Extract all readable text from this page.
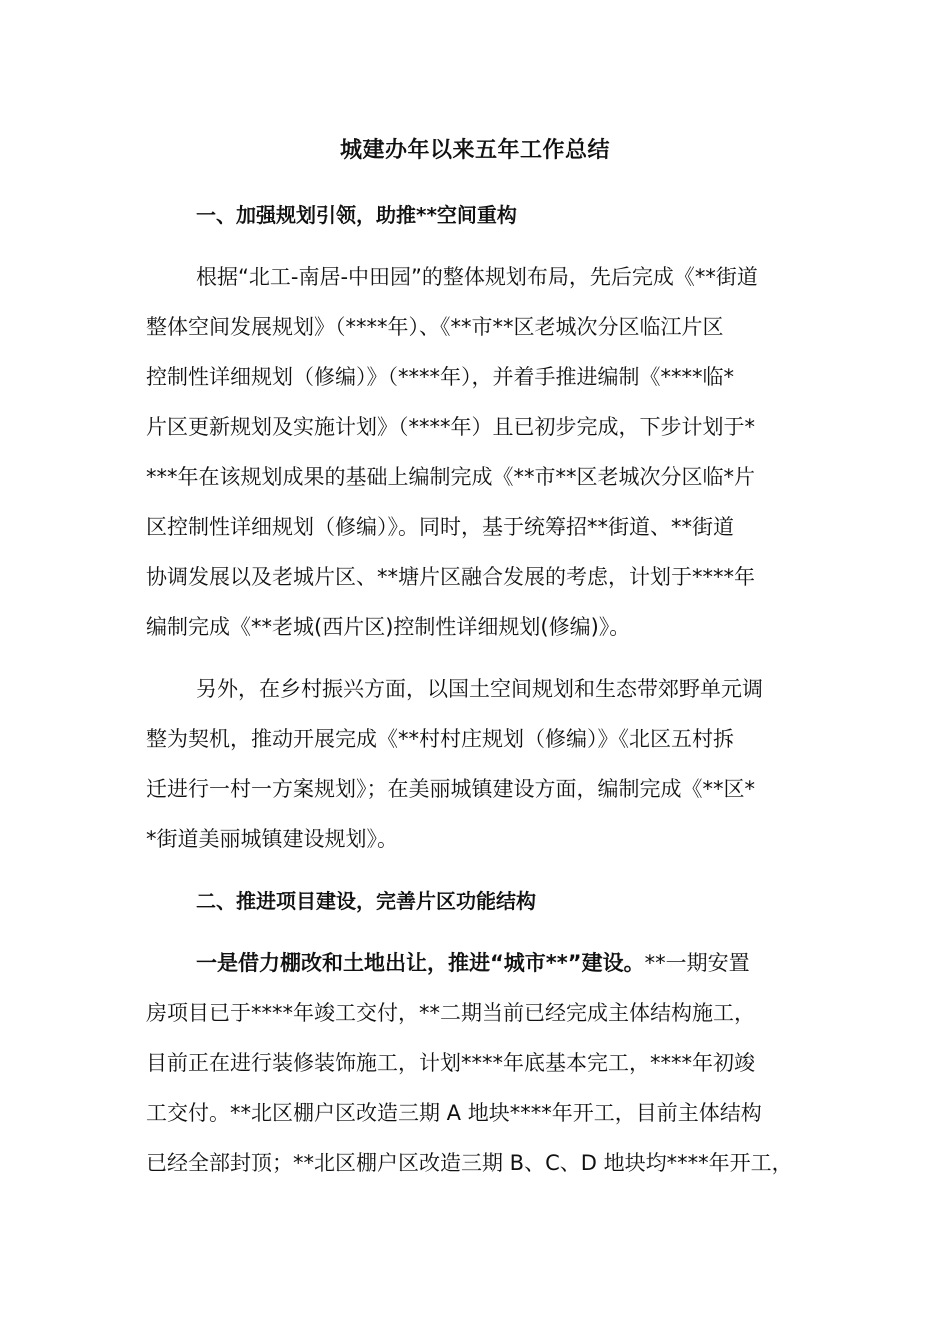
城建办年以来五年工作总结
一、加强规划引领，助推**空间重构
根据“北工-南居-中田园”的整体规划布局，先后完成《**街道
整体空间发展规划》（****年）、《**市**区老城次分区临江片区
控制性详细规划（修编）》（****年），并着手推进编制《****临*
片区更新规划及实施计划》（****年）且已初步完成，下步计划于*
***年在该规划成果的基础上编制完成《**市**区老城次分区临*片
区控制性详细规划（修编）》。同时，基于统筹招**街道、**街道
协调发展以及老城片区、**塘片区融合发展的考虑，计划于****年
编制完成《**老城(西片区)控制性详细规划(修编)》。
另外，在乡村振兴方面，以国土空间规划和生态带郊野单元调
整为契机，推动开展完成《**村村庄规划（修编）》《北区五村拆
迁进行一村一方案规划》；在美丽城镇建设方面，编制完成《**区*
*街道美丽城镇建设规划》。
二、推进项目建设，完善片区功能结构
一是借力棚改和土地出让，推进“城市**”建设。**一期安置
房项目已于****年竣工交付，**二期当前已经完成主体结构施工，
目前正在进行装修装饰施工，计划****年底基本完工，****年初竣
工交付。**北区棚户区改造三期 A 地块****年开工，目前主体结构
已经全部封顶；**北区棚户区改造三期 B、C、D 地块均****年开工，
